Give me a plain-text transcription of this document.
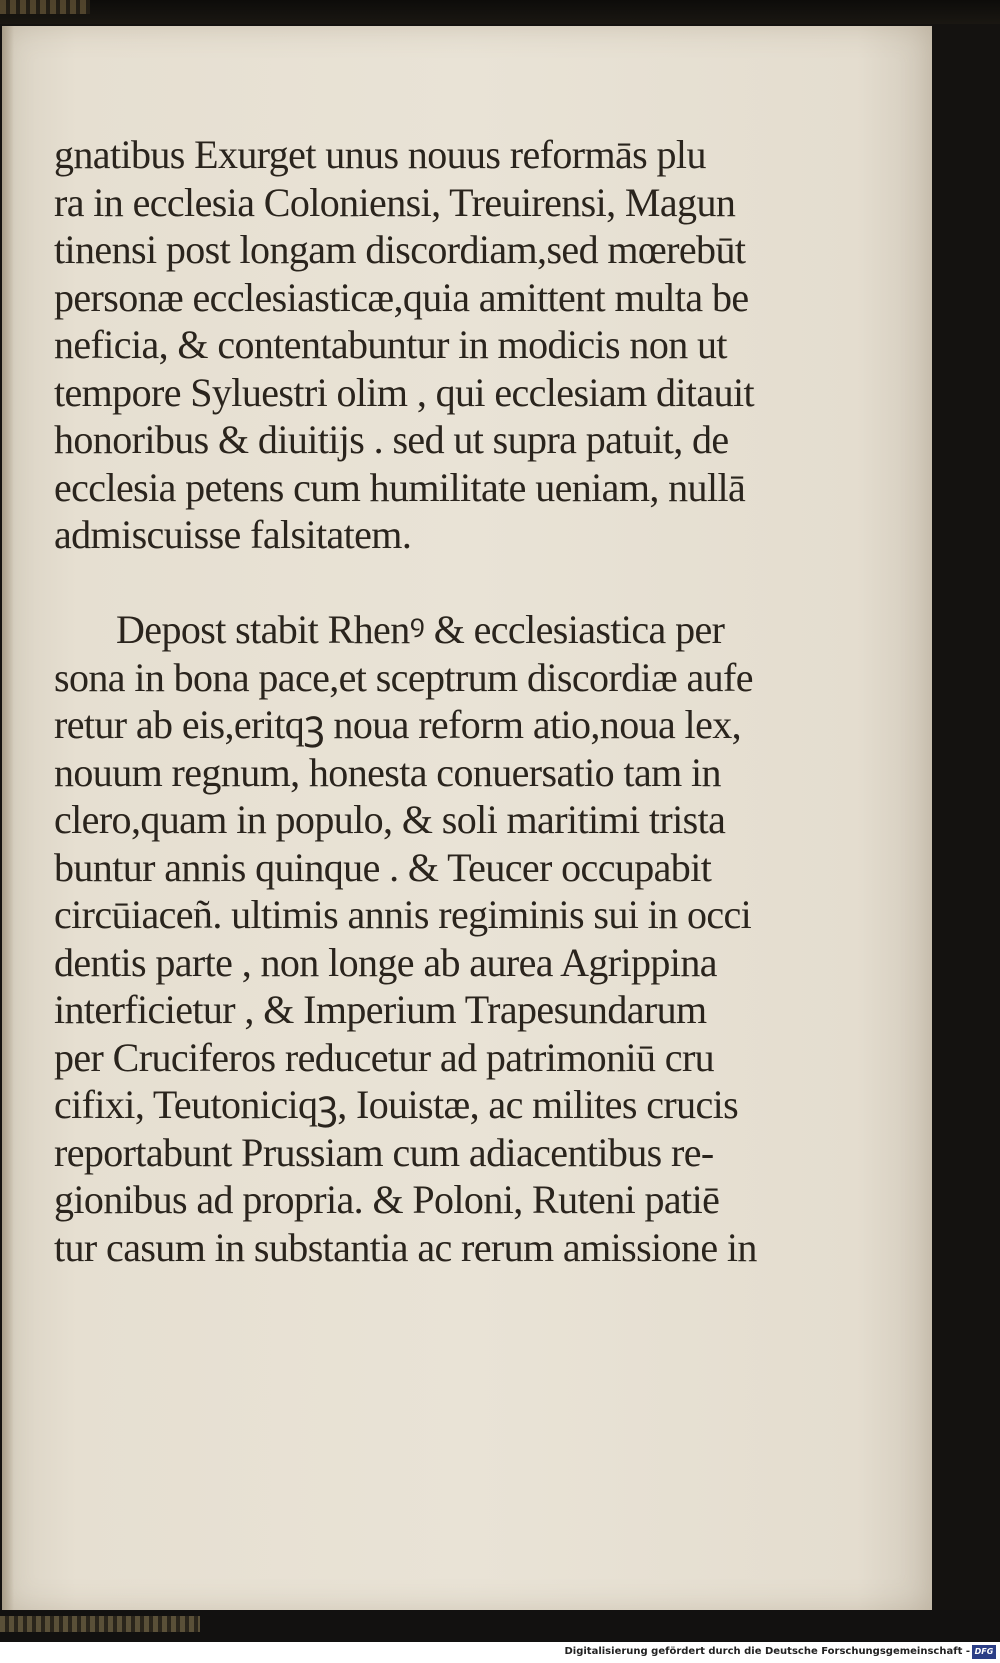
gnatibus Exurget unus nouus reformās plu
ra in ecclesia Coloniensi, Treuirensi, Magun
tinensi post longam discordiam,sed mœrebūt
personæ ecclesiasticæ,quia amittent multa be
neficia, & contentabuntur in modicis non ut
tempore Syluestri olim , qui ecclesiam ditauit
honoribus & diuitijs . sed ut supra patuit, de
ecclesia petens cum humilitate ueniam, nullā
admiscuisse falsitatem.
Depost stabit Rhenꝰ & ecclesiastica per
sona in bona pace,et sceptrum discordiæ aufe
retur ab eis,eritqꝫ noua reform atio,noua lex,
nouum regnum, honesta conuersatio tam in
clero,quam in populo, & soli maritimi trista
buntur annis quinque . & Teucer occupabit
circūiaceñ. ultimis annis regiminis sui in occi
dentis parte , non longe ab aurea Agrippina
interficietur , & Imperium Trapesundarum
per Cruciferos reducetur ad patrimoniū cru
cifixi, Teutoniciqꝫ, Iouistæ, ac milites crucis
reportabunt Prussiam cum adiacentibus re-
gionibus ad propria. & Poloni, Ruteni patiē
tur casum in substantia ac rerum amissione in
Digitalisierung gefördert durch die Deutsche Forschungsgemeinschaft - DFG
